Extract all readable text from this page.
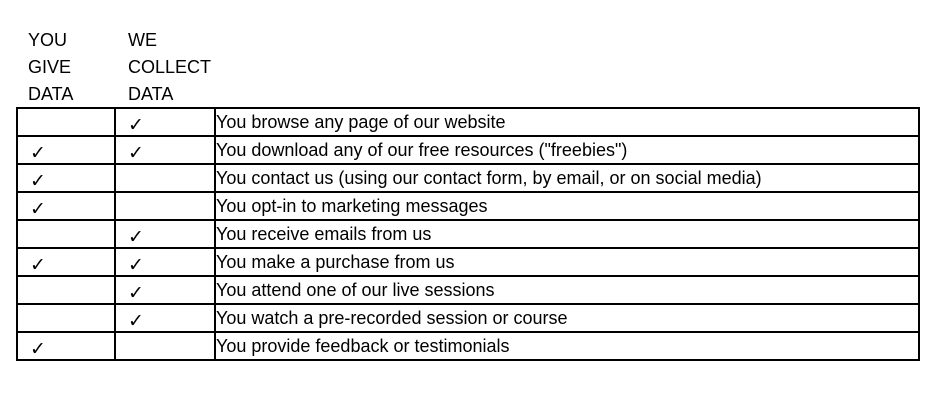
YOU
GIVE
DATA
WE
COLLECT
DATA
	✓	You browse any page of our website
✓	✓	You download any of our free resources ("freebies")
✓		You contact us (using our contact form, by email, or on social media)
✓		You opt-in to marketing messages
	✓	You receive emails from us
✓	✓	You make a purchase from us
	✓	You attend one of our live sessions
	✓	You watch a pre-recorded session or course
✓		You provide feedback or testimonials
